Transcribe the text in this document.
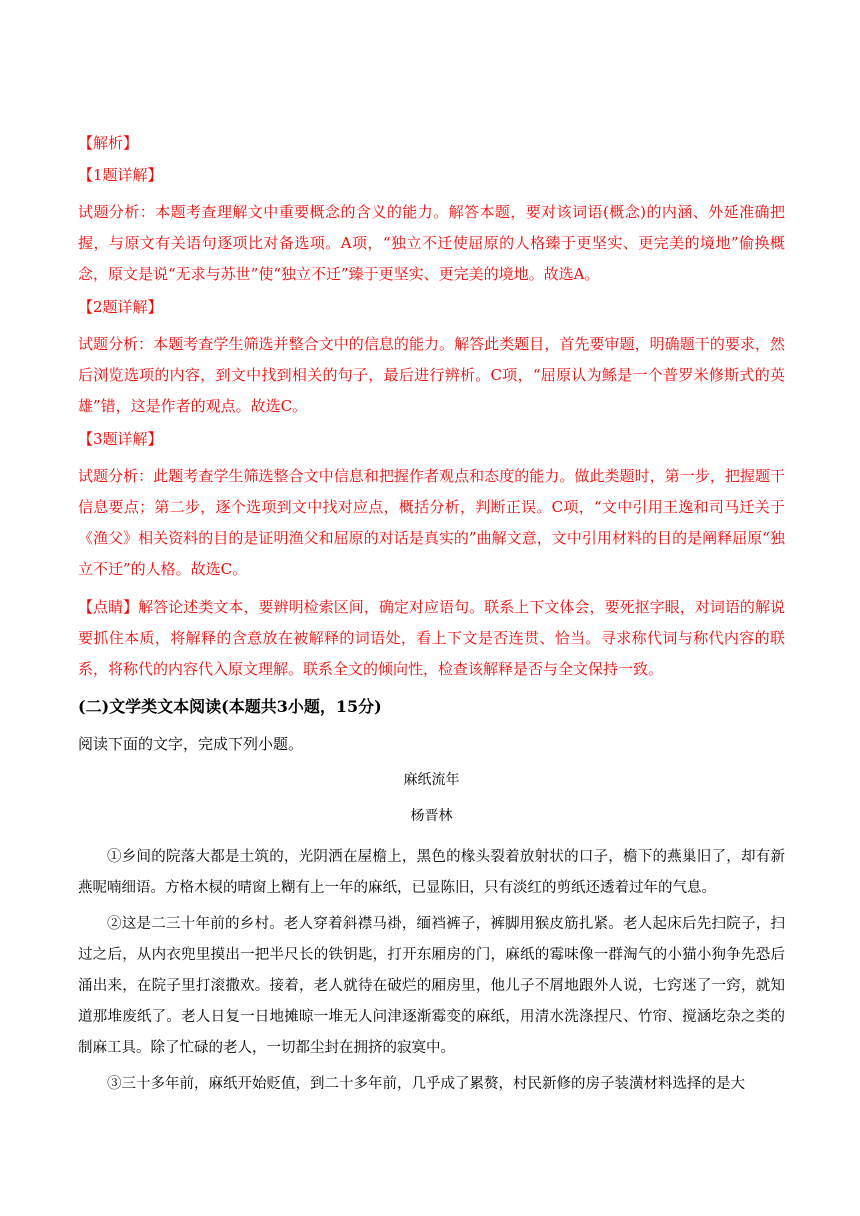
【解析】
【1题详解】
试题分析：本题考查理解文中重要概念的含义的能力。解答本题，要对该词语(概念)的内涵、外延准确把握，与原文有关语句逐项比对备选项。A项，“独立不迁使屈原的人格臻于更坚实、更完美的境地”偷换概念，原文是说“无求与苏世”使“独立不迁”臻于更坚实、更完美的境地。故选A。
【2题详解】
试题分析：本题考查学生筛选并整合文中的信息的能力。解答此类题目，首先要审题，明确题干的要求，然后浏览选项的内容，到文中找到相关的句子，最后进行辨析。C项，“屈原认为鲧是一个普罗米修斯式的英雄”错，这是作者的观点。故选C。
【3题详解】
试题分析：此题考查学生筛选整合文中信息和把握作者观点和态度的能力。做此类题时，第一步，把握题干信息要点；第二步，逐个选项到文中找对应点，概括分析，判断正误。C项，“文中引用王逸和司马迁关于《渔父》相关资料的目的是证明渔父和屈原的对话是真实的”曲解文意，文中引用材料的目的是阐释屈原“独立不迁”的人格。故选C。
【点睛】解答论述类文本，要辨明检索区间，确定对应语句。联系上下文体会，要死抠字眼，对词语的解说要抓住本质，将解释的含意放在被解释的词语处，看上下文是否连贯、恰当。寻求称代词与称代内容的联系，将称代的内容代入原文理解。联系全文的倾向性，检查该解释是否与全文保持一致。
(二)文学类文本阅读(本题共3小题，15分)
阅读下面的文字，完成下列小题。
麻纸流年
杨晋林
①乡间的院落大都是土筑的，光阴洒在屋檐上，黑色的椽头裂着放射状的口子，檐下的燕巢旧了，却有新燕呢喃细语。方格木棂的晴窗上糊有上一年的麻纸，已显陈旧，只有淡红的剪纸还透着过年的气息。
②这是二三十年前的乡村。老人穿着斜襟马褂，缅裆裤子，裤脚用猴皮筋扎紧。老人起床后先扫院子，扫过之后，从内衣兜里摸出一把半尺长的铁钥匙，打开东厢房的门，麻纸的霉味像一群淘气的小猫小狗争先恐后涌出来，在院子里打滚撒欢。接着，老人就待在破烂的厢房里，他儿子不屑地跟外人说，七窍迷了一窍，就知道那堆废纸了。老人日复一日地摊晾一堆无人问津逐渐霉变的麻纸，用清水洗涤捏尺、竹帘、搅涵圪杂之类的制麻工具。除了忙碌的老人，一切都尘封在拥挤的寂寞中。
③三十多年前，麻纸开始贬值，到二十多年前，几乎成了累赘，村民新修的房子装潢材料选择的是大
